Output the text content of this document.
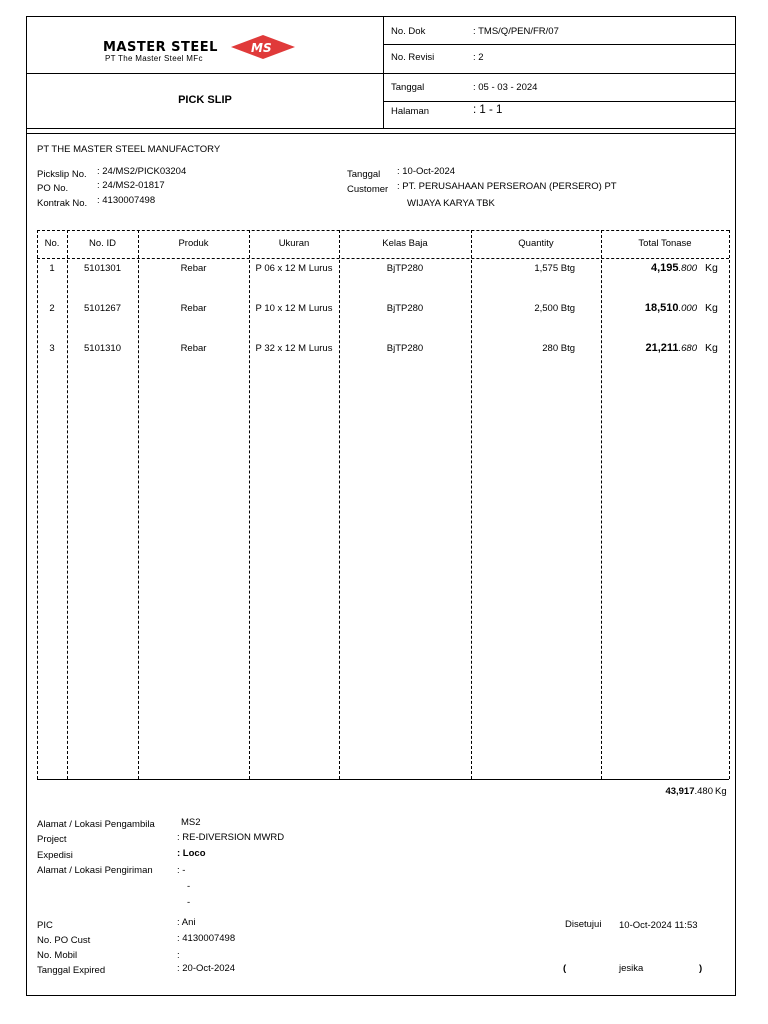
MASTER STEEL
PT The Master Steel MFc
MS
PICK SLIP
No. Dok	: TMS/Q/PEN/FR/07
No. Revisi	: 2
Tanggal	: 05 - 03 - 2024
Halaman	: 1 - 1
PT THE MASTER STEEL MANUFACTORY
Pickslip No. : 24/MS2/PICK03204
PO No.	: 24/MS2-01817
Kontrak No. : 4130007498
Tanggal : 10-Oct-2024
Customer : PT. PERUSAHAAN PERSEROAN (PERSERO) PT
WIJAYA KARYA TBK
No.	No. ID	Produk	Ukuran	Kelas Baja	Quantity	Total Tonase
1	5101301	Rebar	P 06 x 12 M Lurus	BjTP280	1,575 Btg	4,195.800 Kg
2	5101267	Rebar	P 10 x 12 M Lurus	BjTP280	2,500 Btg	18,510.000 Kg
3	5101310	Rebar	P 32 x 12 M Lurus	BjTP280	280 Btg	21,211.680 Kg
43,917.480 Kg
Alamat / Lokasi Pengambila	MS2
Project	: RE-DIVERSION MWRD
Expedisi	: Loco
Alamat / Lokasi Pengiriman	: -
-
-
PIC	: Ani
No. PO Cust	: 4130007498
No. Mobil	:
Tanggal Expired	: 20-Oct-2024
Disetujui 10-Oct-2024 11:53
(	jesika	)
